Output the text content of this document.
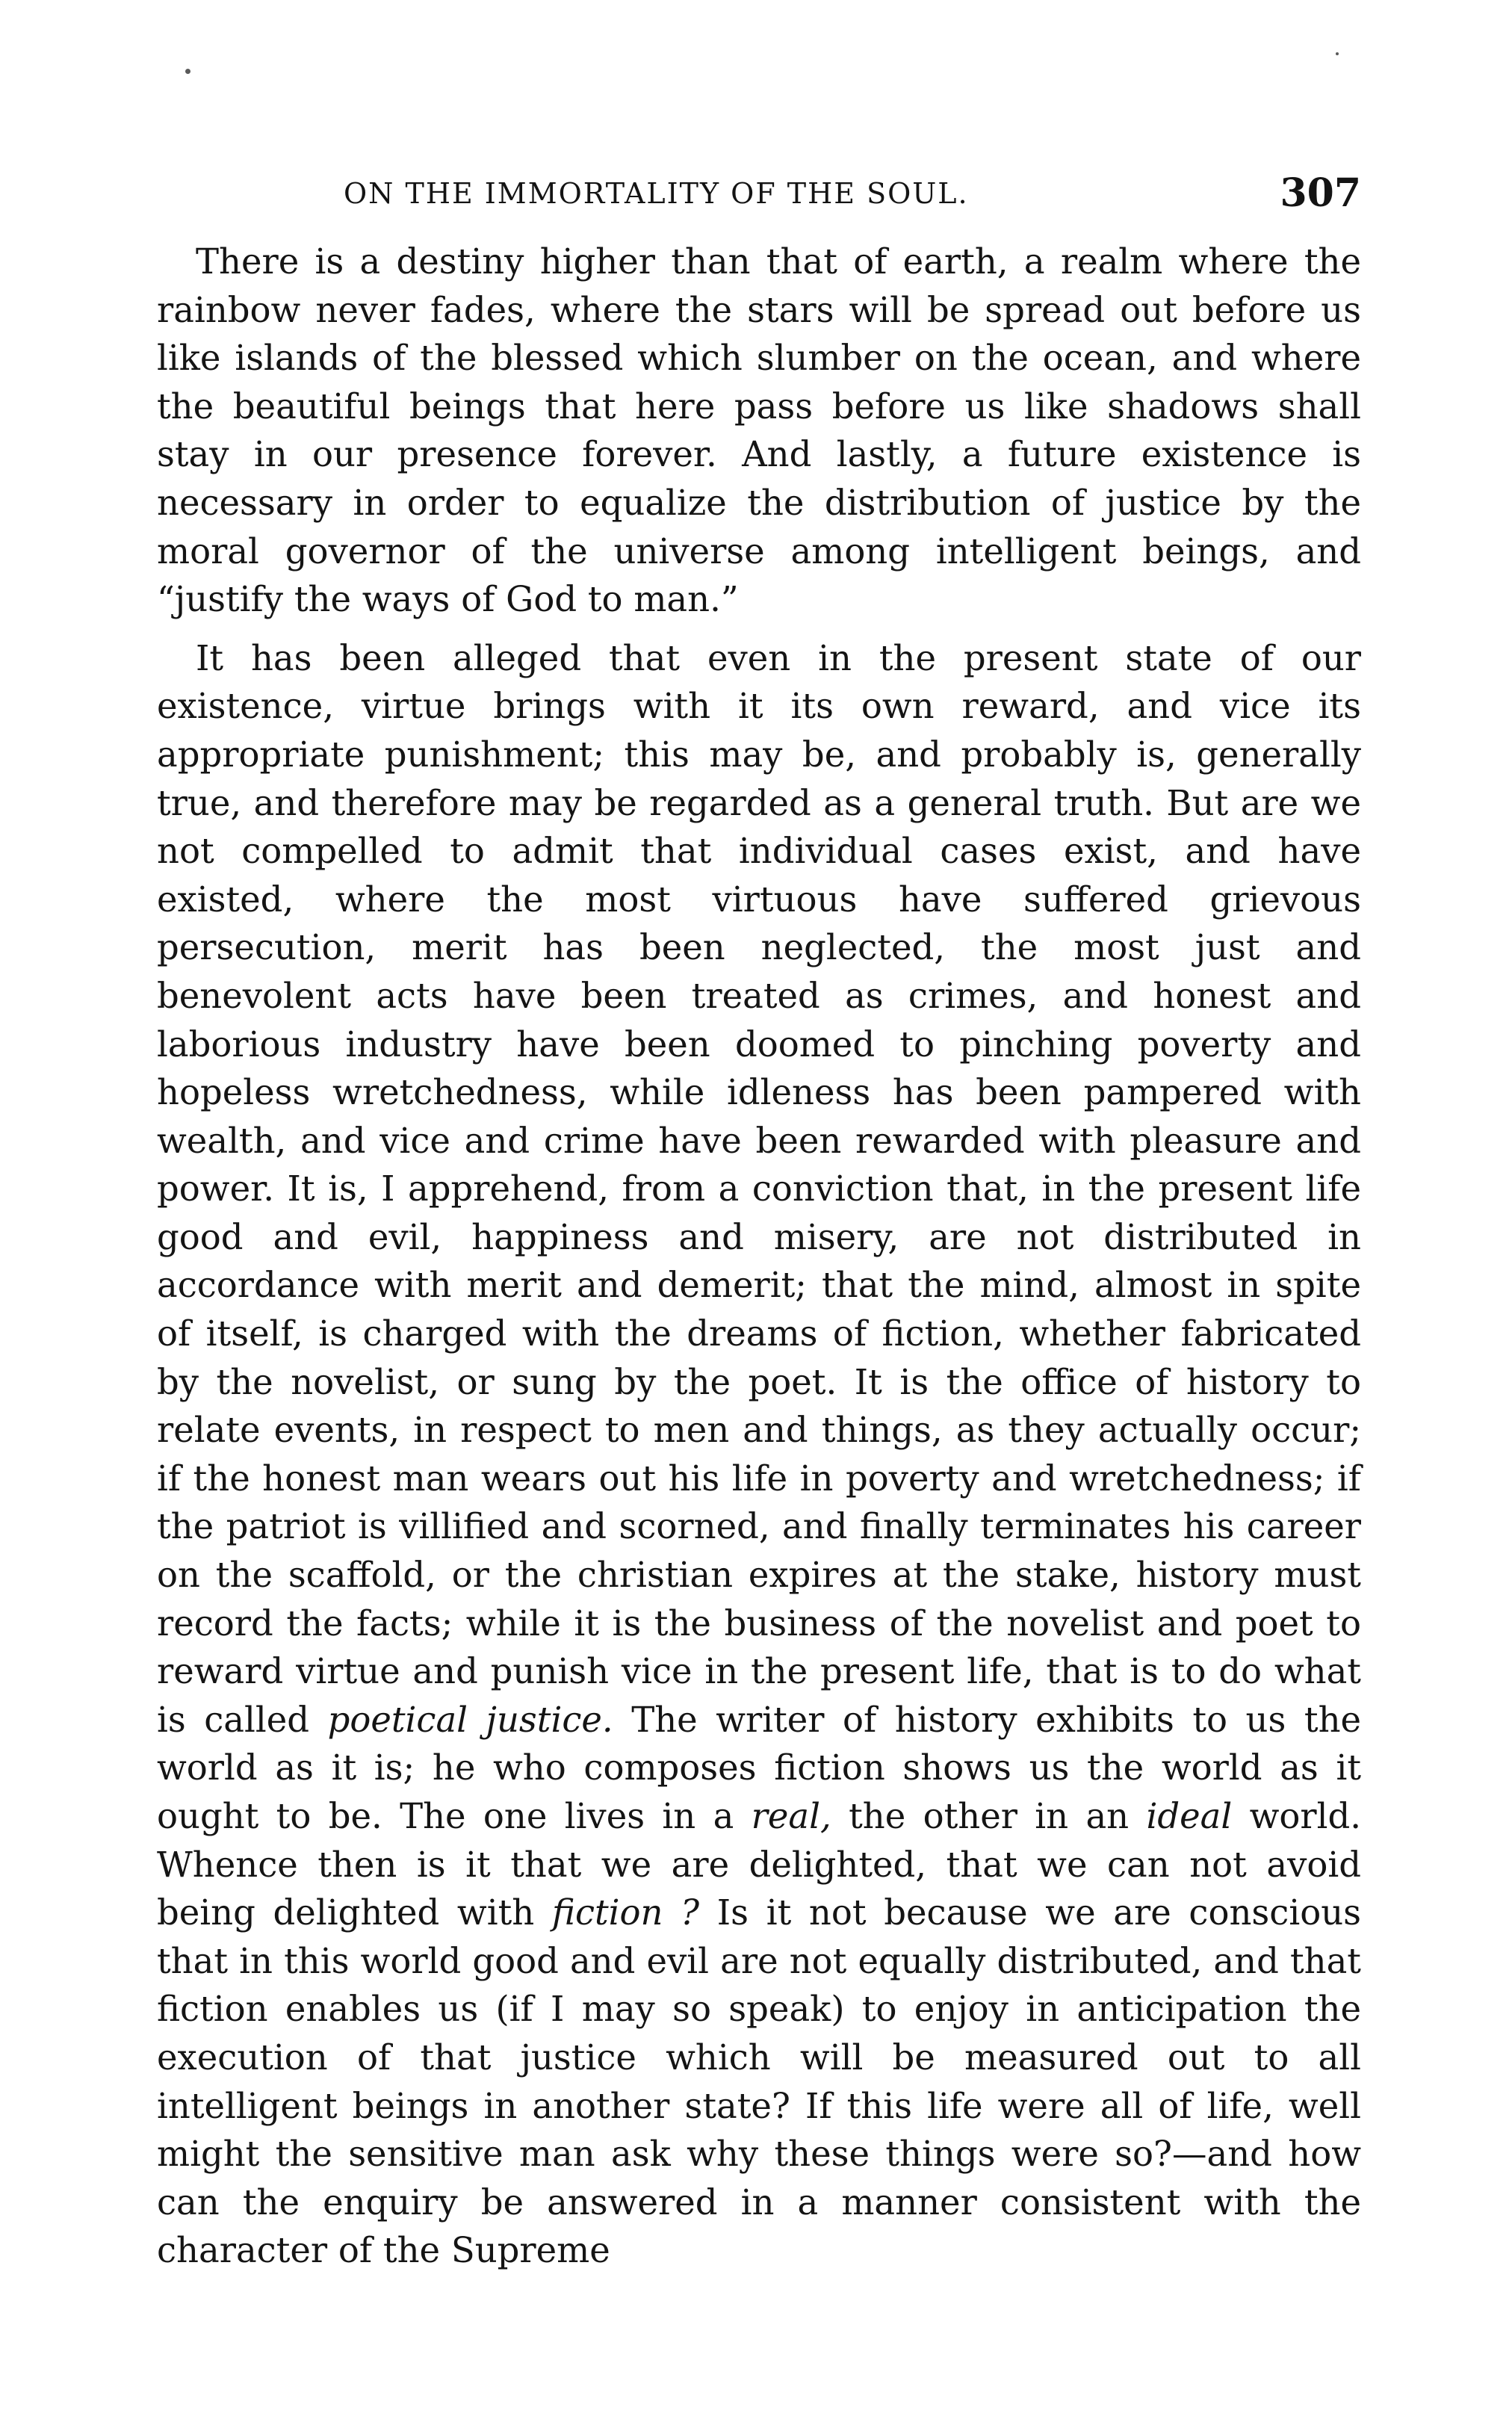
ON THE IMMORTALITY OF THE SOUL.	307

There is a destiny higher than that of earth, a realm where the rainbow never fades, where the stars will be spread out before us like islands of the blessed which slumber on the ocean, and where the beautiful beings that here pass before us like shadows shall stay in our presence forever. And lastly, a future existence is necessary in order to equalize the distribution of justice by the moral governor of the universe among intelligent beings, and “justify the ways of God to man.”

It has been alleged that even in the present state of our existence, virtue brings with it its own reward, and vice its appropriate punishment; this may be, and probably is, generally true, and therefore may be regarded as a general truth. But are we not compelled to admit that individual cases exist, and have existed, where the most virtuous have suffered grievous persecution, merit has been neglected, the most just and benevolent acts have been treated as crimes, and honest and laborious industry have been doomed to pinching poverty and hopeless wretchedness, while idleness has been pampered with wealth, and vice and crime have been rewarded with pleasure and power. It is, I apprehend, from a conviction that, in the present life good and evil, happiness and misery, are not distributed in accordance with merit and demerit; that the mind, almost in spite of itself, is charged with the dreams of fiction, whether fabricated by the novelist, or sung by the poet. It is the office of history to relate events, in respect to men and things, as they actually occur; if the honest man wears out his life in poverty and wretchedness; if the patriot is villified and scorned, and finally terminates his career on the scaffold, or the christian expires at the stake, history must record the facts; while it is the business of the novelist and poet to reward virtue and punish vice in the present life, that is to do what is called poetical justice. The writer of history exhibits to us the world as it is; he who composes fiction shows us the world as it ought to be. The one lives in a real, the other in an ideal world. Whence then is it that we are delighted, that we can not avoid being delighted with fiction ? Is it not because we are conscious that in this world good and evil are not equally distributed, and that fiction enables us (if I may so speak) to enjoy in anticipation the execution of that justice which will be measured out to all intelligent beings in another state? If this life were all of life, well might the sensitive man ask why these things were so?—and how can the enquiry be answered in a manner consistent with the character of the Supreme
